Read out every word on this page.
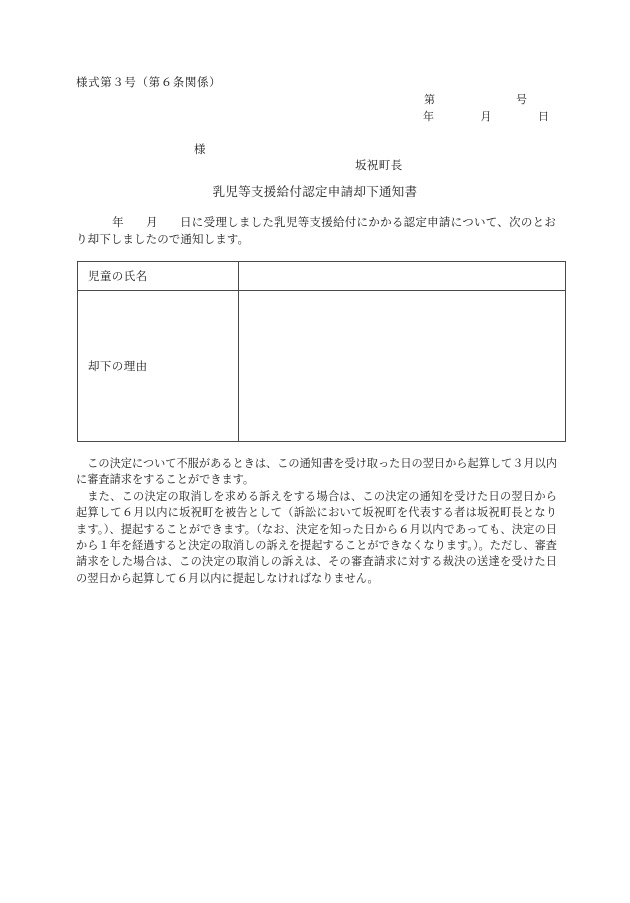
様式第３号（第６条関係）
第　　　　　　　号
年　　　　月　　　　日
様
坂祝町長
乳児等支援給付認定申請却下通知書
年 月 日に受理しました乳児等支援給付にかかる認定申請について、次のとおり却下しましたので通知します。
児童の氏名	
却下の理由	

この決定について不服があるときは、この通知書を受け取った日の翌日から起算して３月以内に審査請求をすることができます。

また、この決定の取消しを求める訴えをする場合は、この決定の通知を受けた日の翌日から起算して６月以内に坂祝町を被告として（訴訟において坂祝町を代表する者は坂祝町長となります。）、提起することができます。（なお、決定を知った日から６月以内であっても、決定の日から１年を経過すると決定の取消しの訴えを提起することができなくなります。）。ただし、審査請求をした場合は、この決定の取消しの訴えは、その審査請求に対する裁決の送達を受けた日の翌日から起算して６月以内に提起しなければなりません。
